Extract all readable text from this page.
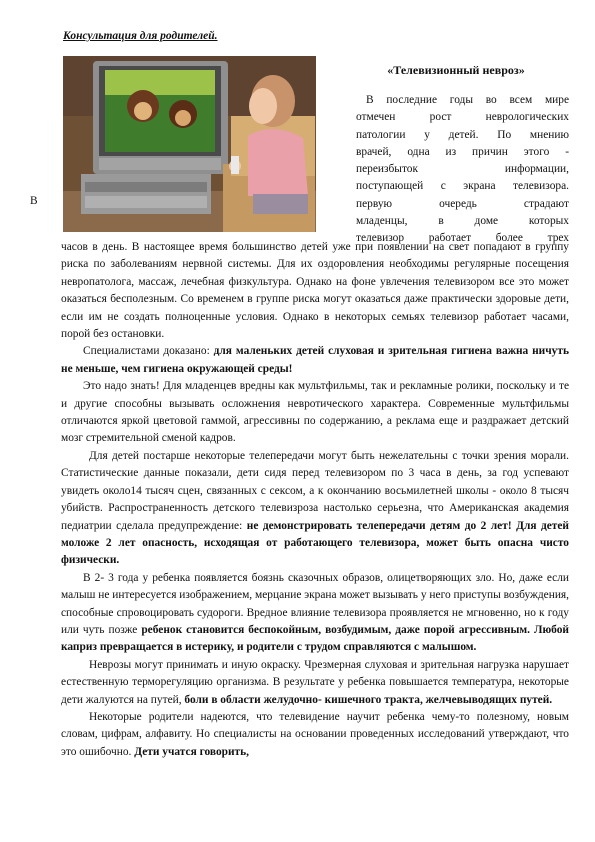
Консультация для родителей.
«Телевизионный невроз»
В последние годы во всем мире
отмечен рост неврологических
патологии у детей. По мнению
врачей, одна из причин этого -
переизбыток информации,
поступающей с экрана телевизора.
первую очередь страдают
младенцы, в доме которых
телевизор работает более трех
В

часов в день. В настоящее время большинство детей уже при появлении на свет попадают в группу риска по заболеваниям нервной системы. Для их оздоровления необходимы регулярные посещения невропатолога, массаж, лечебная физкультура. Однако на фоне увлечения телевизором все это может оказаться бесполезным. Со временем в группе риска могут оказаться даже практически здоровые дети, если им не создать полноценные условия. Однако в некоторых семьях телевизор работает часами, порой без остановки.

Специалистами доказано: для маленьких детей слуховая и зрительная гигиена важна ничуть не меньше, чем гигиена окружающей среды!

Это надо знать! Для младенцев вредны как мультфильмы, так и рекламные ролики, поскольку и те и другие способны вызывать осложнения невротического характера. Современные мультфильмы отличаются яркой цветовой гаммой, агрессивны по содержанию, а реклама еще и раздражает детский мозг стремительной сменой кадров.

Для детей постарше некоторые телепередачи могут быть нежелательны с точки зрения морали. Статистические данные показали, дети сидя перед телевизором по 3 часа в день, за год успевают увидеть около14 тысяч сцен, связанных с сексом, а к окончанию восьмилетней школы - около 8 тысяч убийств. Распространенность детского телевизроза настолько серьезна, что Американская академия педиатрии сделала предупреждение: не демонстрировать телепередачи детям до 2 лет! Для детей моложе 2 лет опасность, исходящая от работающего телевизора, может быть опасна чисто физически.

В 2- 3 года у ребенка появляется боязнь сказочных образов, олицетворяющих зло. Но, даже если малыш не интересуется изображением, мерцание экрана может вызывать у него приступы возбуждения, способные спровоцировать судороги. Вредное влияние телевизора проявляется не мгновенно, но к году или чуть позже ребенок становится беспокойным, возбудимым, даже порой агрессивным. Любой каприз превращается в истерику, и родители с трудом справляются с малышом.

Неврозы могут принимать и иную окраску. Чрезмерная слуховая и зрительная нагрузка нарушает естественную терморегуляцию организма. В результате у ребенка повышается температура, некоторые дети жалуются на путей, боли в области желудочно- кишечного тракта, желчевыводящих путей.

Некоторые родители надеются, что телевидение научит ребенка чему-то полезному, новым словам, цифрам, алфавиту. Но специалисты на основании проведенных исследований утверждают, что это ошибочно. Дети учатся говорить,
